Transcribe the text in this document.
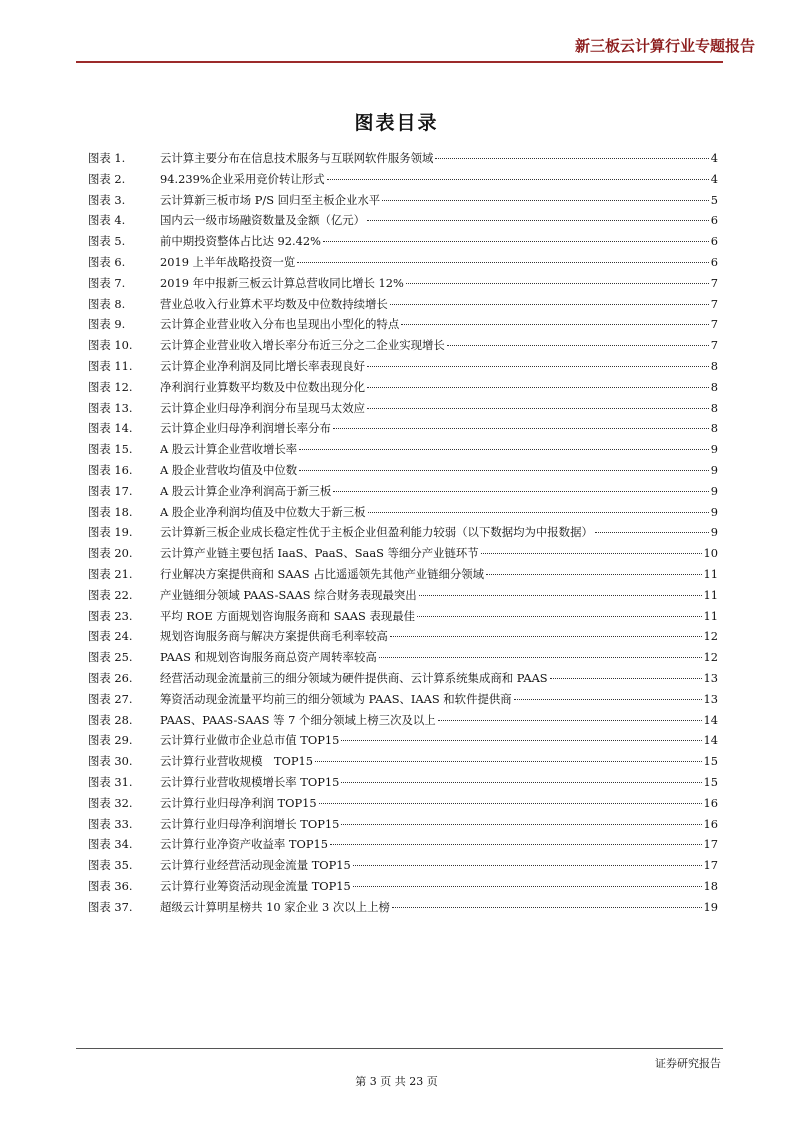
新三板云计算行业专题报告
图表目录
图表 1.	云计算主要分布在信息技术服务与互联网软件服务领域	4
图表 2.	94.239%企业采用竞价转让形式	4
图表 3.	云计算新三板市场 P/S 回归至主板企业水平	5
图表 4.	国内云一级市场融资数量及金额（亿元）	6
图表 5.	前中期投资整体占比达 92.42%	6
图表 6.	2019 上半年战略投资一览	6
图表 7.	2019 年中报新三板云计算总营收同比增长 12%	7
图表 8.	营业总收入行业算术平均数及中位数持续增长	7
图表 9.	云计算企业营业收入分布也呈现出小型化的特点	7
图表 10.	云计算企业营业收入增长率分布近三分之二企业实现增长	7
图表 11.	云计算企业净利润及同比增长率表现良好	8
图表 12.	净利润行业算数平均数及中位数出现分化	8
图表 13.	云计算企业归母净利润分布呈现马太效应	8
图表 14.	云计算企业归母净利润增长率分布	8
图表 15.	A 股云计算企业营收增长率	9
图表 16.	A 股企业营收均值及中位数	9
图表 17.	A 股云计算企业净利润高于新三板	9
图表 18.	A 股企业净利润均值及中位数大于新三板	9
图表 19.	云计算新三板企业成长稳定性优于主板企业但盈利能力较弱（以下数据均为中报数据）	9
图表 20.	云计算产业链主要包括 IaaS、PaaS、SaaS 等细分产业链环节	10
图表 21.	行业解决方案提供商和 SAAS 占比遥遥领先其他产业链细分领域	11
图表 22.	产业链细分领域 PAAS-SAAS 综合财务表现最突出	11
图表 23.	平均 ROE 方面规划咨询服务商和 SAAS 表现最佳	11
图表 24.	规划咨询服务商与解决方案提供商毛利率较高	12
图表 25.	PAAS 和规划咨询服务商总资产周转率较高	12
图表 26.	经营活动现金流量前三的细分领域为硬件提供商、云计算系统集成商和 PAAS	13
图表 27.	筹资活动现金流量平均前三的细分领域为 PAAS、IAAS 和软件提供商	13
图表 28.	PAAS、PAAS-SAAS 等 7 个细分领域上榜三次及以上	14
图表 29.	云计算行业做市企业总市值 TOP15	14
图表 30.	云计算行业营收规模　TOP15	15
图表 31.	云计算行业营收规模增长率 TOP15	15
图表 32.	云计算行业归母净利润 TOP15	16
图表 33.	云计算行业归母净利润增长 TOP15	16
图表 34.	云计算行业净资产收益率 TOP15	17
图表 35.	云计算行业经营活动现金流量 TOP15	17
图表 36.	云计算行业筹资活动现金流量 TOP15	18
图表 37.	超级云计算明星榜共 10 家企业 3 次以上上榜	19
证券研究报告
第 3 页 共 23 页
